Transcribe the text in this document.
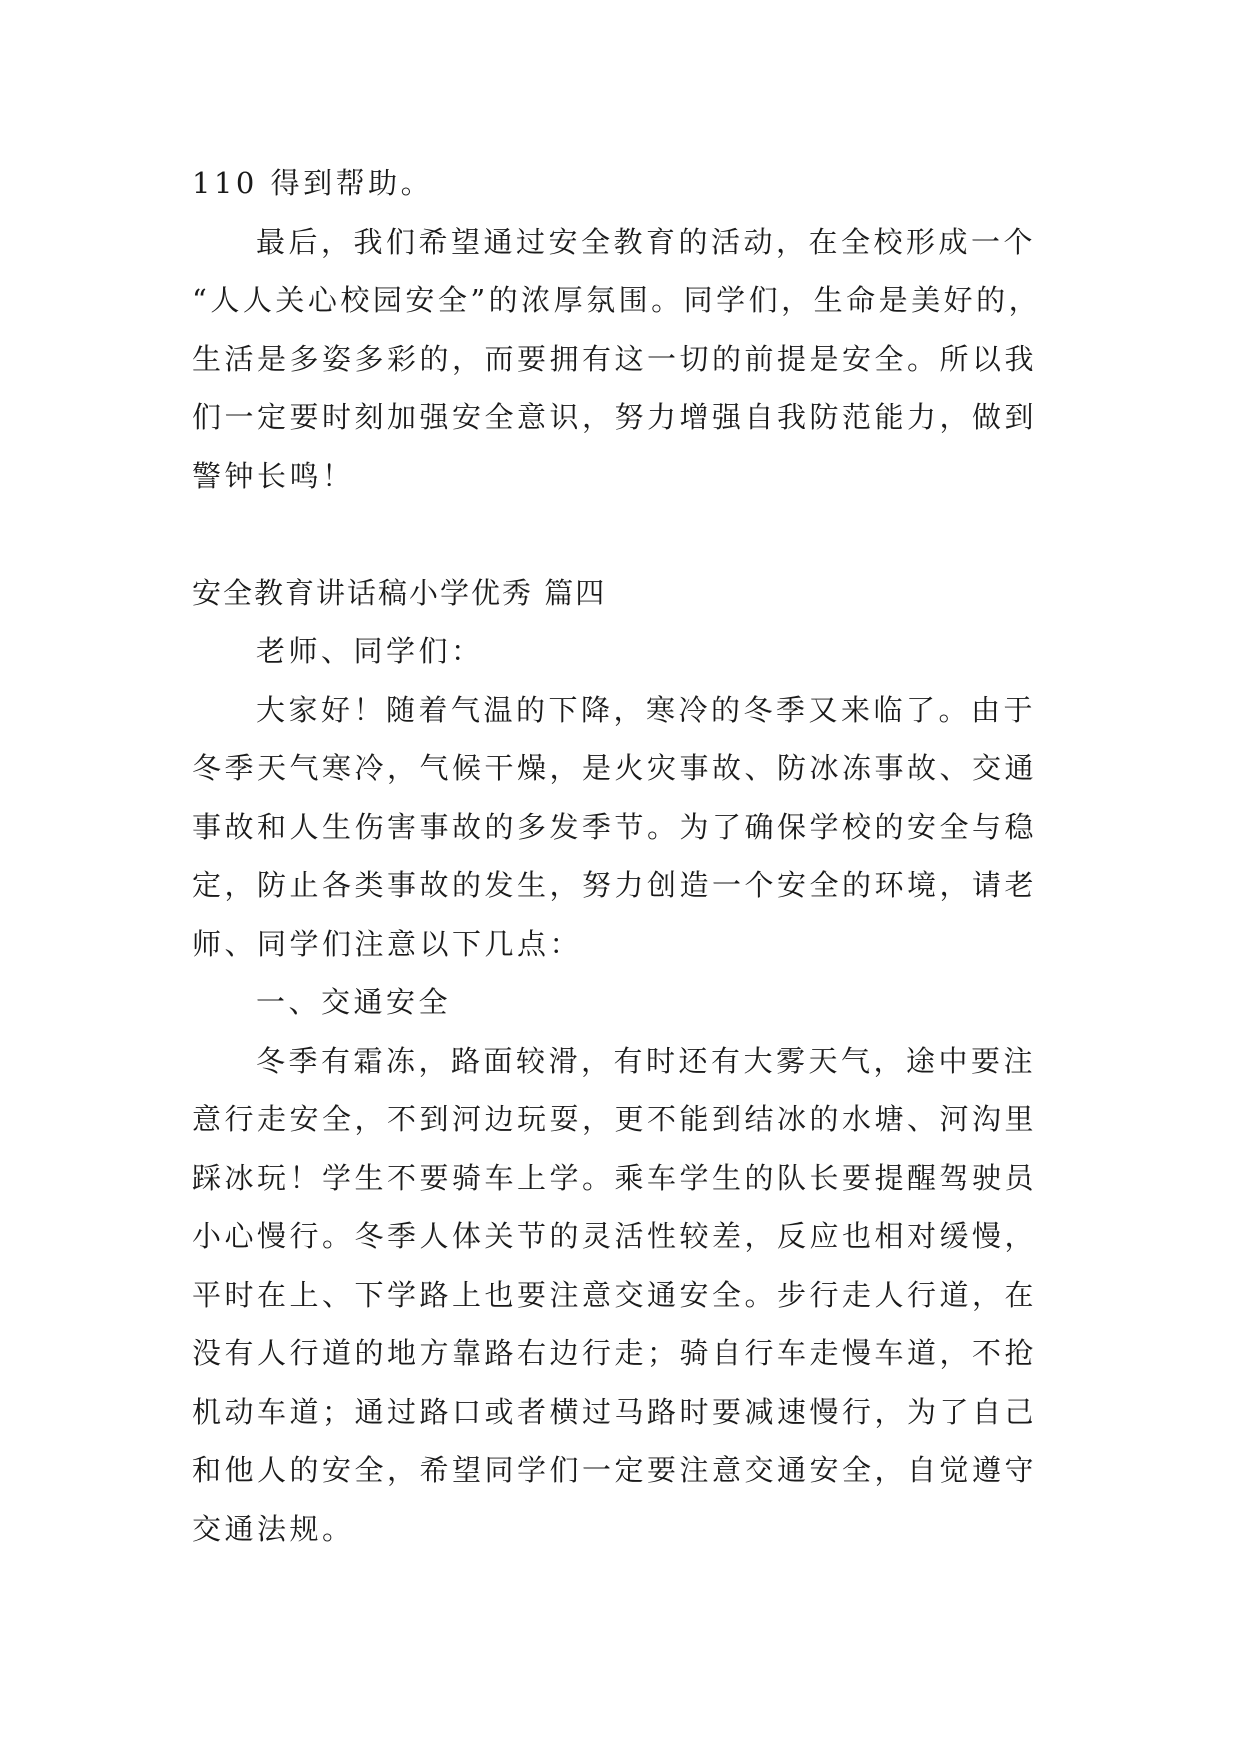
110 得到帮助。
最后，我们希望通过安全教育的活动，在全校形成一个
“人人关心校园安全”的浓厚氛围。同学们，生命是美好的，
生活是多姿多彩的，而要拥有这一切的前提是安全。所以我
们一定要时刻加强安全意识，努力增强自我防范能力，做到
警钟长鸣！
安全教育讲话稿小学优秀 篇四
老师、同学们：
大家好！随着气温的下降，寒冷的冬季又来临了。由于
冬季天气寒冷，气候干燥，是火灾事故、防冰冻事故、交通
事故和人生伤害事故的多发季节。为了确保学校的安全与稳
定，防止各类事故的发生，努力创造一个安全的环境，请老
师、同学们注意以下几点：
一、交通安全
冬季有霜冻，路面较滑，有时还有大雾天气，途中要注
意行走安全，不到河边玩耍，更不能到结冰的水塘、河沟里
踩冰玩！学生不要骑车上学。乘车学生的队长要提醒驾驶员
小心慢行。冬季人体关节的灵活性较差，反应也相对缓慢，
平时在上、下学路上也要注意交通安全。步行走人行道，在
没有人行道的地方靠路右边行走；骑自行车走慢车道，不抢
机动车道；通过路口或者横过马路时要减速慢行，为了自己
和他人的安全，希望同学们一定要注意交通安全，自觉遵守
交通法规。
